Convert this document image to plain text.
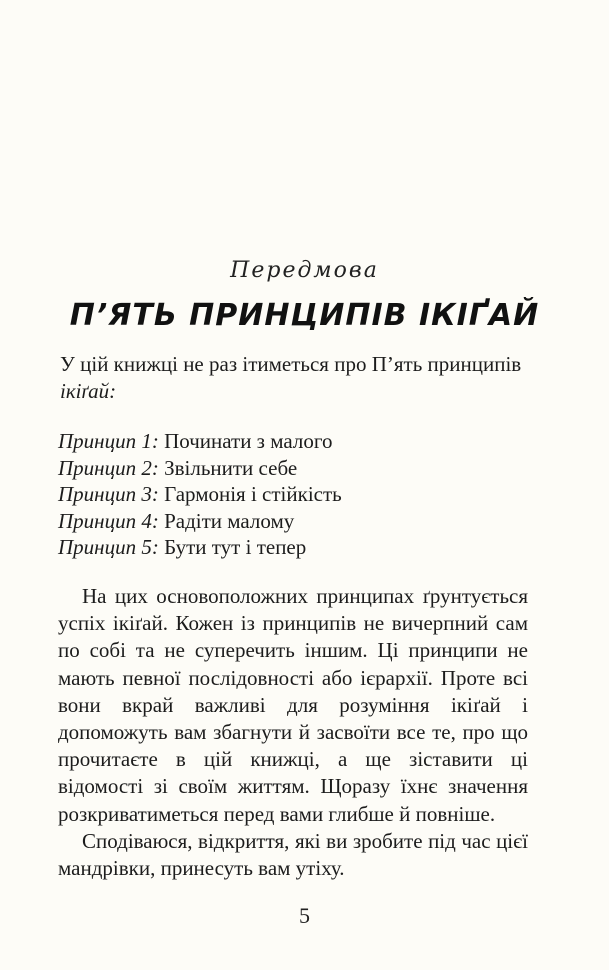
Передмова
П’ЯТЬ ПРИНЦИПІВ ІКІҐАЙ

У цій книжці не раз ітиметься про П’ять принципів

ікіґай:

Принцип 1: Починати з малого
Принцип 2: Звільнити себе
Принцип 3: Гармонія і стійкість
Принцип 4: Радіти малому
Принцип 5: Бути тут і тепер

На цих основоположних принципах ґрунтується успіх ікіґай. Кожен із принципів не вичерпний сам по собі та не суперечить іншим. Ці принципи не мають певної послідовності або ієрархії. Проте всі вони вкрай важливі для розуміння ікіґай і допоможуть вам збагнути й засвоїти все те, про що прочитаєте в цій книжці, а ще зіставити ці відомості зі своїм життям. Щоразу їхнє значення розкриватиметься перед вами глибше й повніше.

Сподіваюся, відкриття, які ви зробите під час цієї мандрівки, принесуть вам утіху.

5
